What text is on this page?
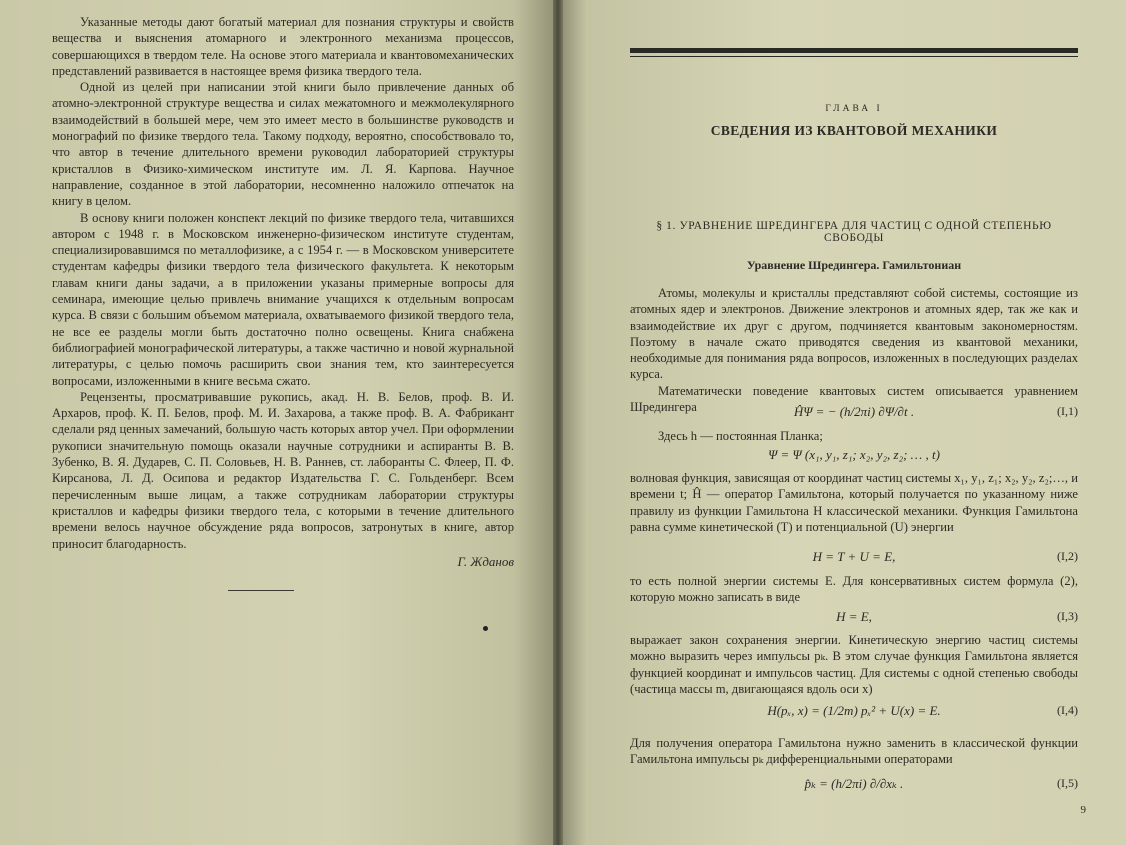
Указанные методы дают богатый материал для познания структуры и свойств вещества и выяснения атомарного и электронного механизма процессов, совершающихся в твердом теле. На основе этого материала и квантовомеханических представлений развивается в настоящее время физика твердого тела.

Одной из целей при написании этой книги было привлечение данных об атомно-электронной структуре вещества и силах межатомного и межмолекулярного взаимодействий в большей мере, чем это имеет место в большинстве руководств и монографий по физике твердого тела. Такому подходу, вероятно, способствовало то, что автор в течение длительного времени руководил лабораторией структуры кристаллов в Физико-химическом институте им. Л. Я. Карпова. Научное направление, созданное в этой лаборатории, несомненно наложило отпечаток на книгу в целом.

В основу книги положен конспект лекций по физике твердого тела, читавшихся автором с 1948 г. в Московском инженерно-физическом институте студентам, специализировавшимся по металлофизике, а с 1954 г. — в Московском университете студентам кафедры физики твердого тела физического факультета. К некоторым главам книги даны задачи, а в приложении указаны примерные вопросы для семинара, имеющие целью привлечь внимание учащихся к отдельным вопросам курса. В связи с большим объемом материала, охватываемого физикой твердого тела, не все ее разделы могли быть достаточно полно освещены. Книга снабжена библиографией монографической литературы, а также частично и новой журнальной литературы, с целью помочь расширить свои знания тем, кто заинтересуется вопросами, изложенными в книге весьма сжато.

Рецензенты, просматривавшие рукопись, акад. Н. В. Белов, проф. В. И. Архаров, проф. К. П. Белов, проф. М. И. Захарова, а также проф. В. А. Фабрикант сделали ряд ценных замечаний, большую часть которых автор учел. При оформлении рукописи значительную помощь оказали научные сотрудники и аспиранты В. В. Зубенко, В. Я. Дударев, С. П. Соловьев, Н. В. Раннев, ст. лаборанты С. Флеер, П. Ф. Кирсанова, Л. Д. Осипова и редактор Издательства Г. С. Гольденберг. Всем перечисленным выше лицам, а также сотрудникам лаборатории структуры кристаллов и кафедры физики твердого тела, с которыми в течение длительного времени велось научное обсуждение ряда вопросов, затронутых в книге, автор приносит благодарность.

Г. Жданов
ГЛАВА I
СВЕДЕНИЯ ИЗ КВАНТОВОЙ МЕХАНИКИ
§ 1. УРАВНЕНИЕ ШРЕДИНГЕРА ДЛЯ ЧАСТИЦ С ОДНОЙ СТЕПЕНЬЮ СВОБОДЫ
Уравнение Шредингера. Гамильтониан

Атомы, молекулы и кристаллы представляют собой системы, состоящие из атомных ядер и электронов. Движение электронов и атомных ядер, так же как и взаимодействие их друг с другом, подчиняется квантовым закономерностям. Поэтому в начале сжато приводятся сведения из квантовой механики, необходимые для понимания ряда вопросов, изложенных в последующих разделах курса.

Математически поведение квантовых систем описывается уравнением Шредингера	ĤΨ = − (h/2πi) ∂Ψ/∂t .	(I,1)

Здесь h — постоянная Планка;

Ψ = Ψ (x₁, y₁, z₁; x₂, y₂, z₂; … , t)

волновая функция, зависящая от координат частиц системы x₁, y₁, z₁; x₂, y₂, z₂;…, и времени t; Ĥ — оператор Гамильтона, который получается по указанному ниже правилу из функции Гамильтона H классической механики. Функция Гамильтона равна сумме кинетической (T) и потенциальной (U) энергии

H = T + U = E,	(I,2)

то есть полной энергии системы E. Для консервативных систем формула (2), которую можно записать в виде

H = E,	(I,3)

выражает закон сохранения энергии. Кинетическую энергию частиц системы можно выразить через импульсы pₖ. В этом случае функция Гамильтона является функцией координат и импульсов частиц. Для системы с одной степенью свободы (частица массы m, двигающаяся вдоль оси x)

H(pₓ, x) = (1/2m) pₓ² + U(x) = E.	(I,4)

Для получения оператора Гамильтона нужно заменить в классической функции Гамильтона импульсы pₖ дифференциальными операторами

p̂ₖ = (h/2πi) ∂/∂xₖ .	(I,5)
9
